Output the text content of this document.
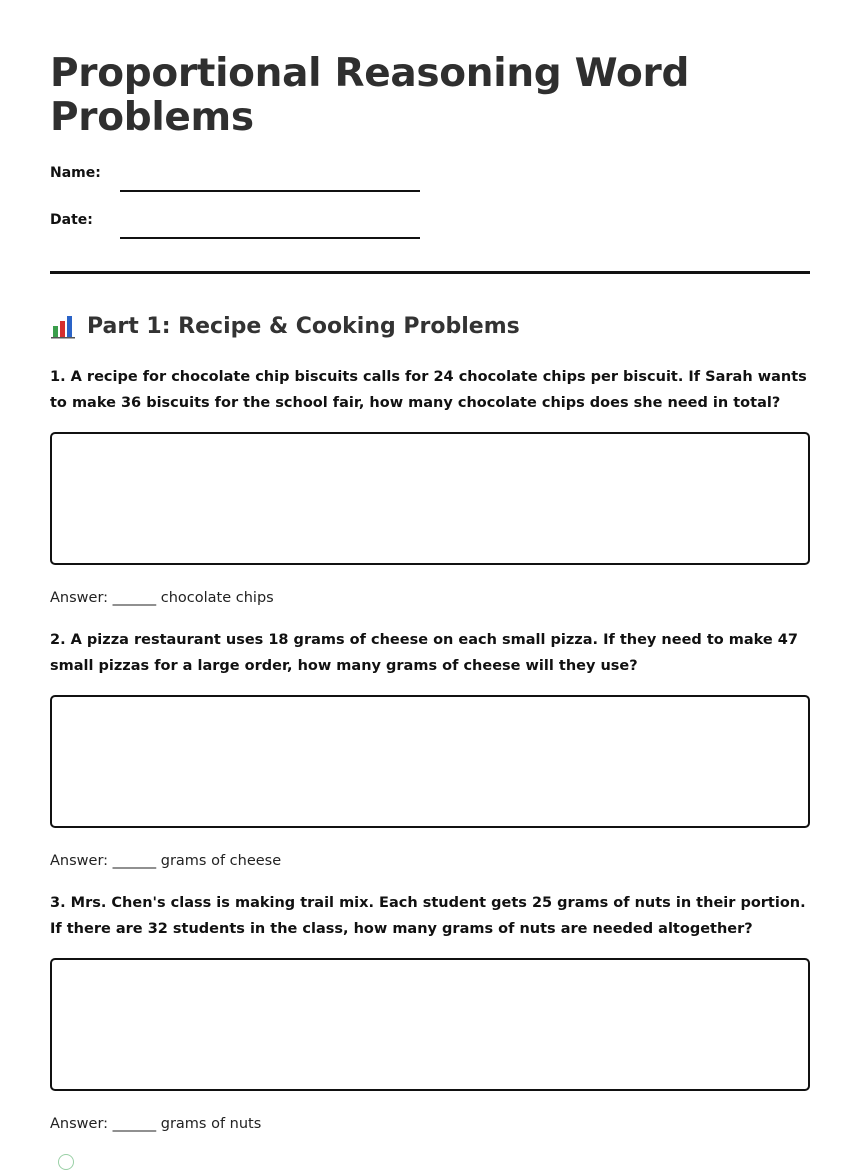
Proportional Reasoning Word Problems
Name:
Date:
Part 1: Recipe & Cooking Problems

1. A recipe for chocolate chip biscuits calls for 24 chocolate chips per biscuit. If Sarah wants to make 36 biscuits for the school fair, how many chocolate chips does she need in total?

Answer: ______ chocolate chips

2. A pizza restaurant uses 18 grams of cheese on each small pizza. If they need to make 47 small pizzas for a large order, how many grams of cheese will they use?

Answer: ______ grams of cheese

3. Mrs. Chen's class is making trail mix. Each student gets 25 grams of nuts in their portion. If there are 32 students in the class, how many grams of nuts are needed altogether?

Answer: ______ grams of nuts
